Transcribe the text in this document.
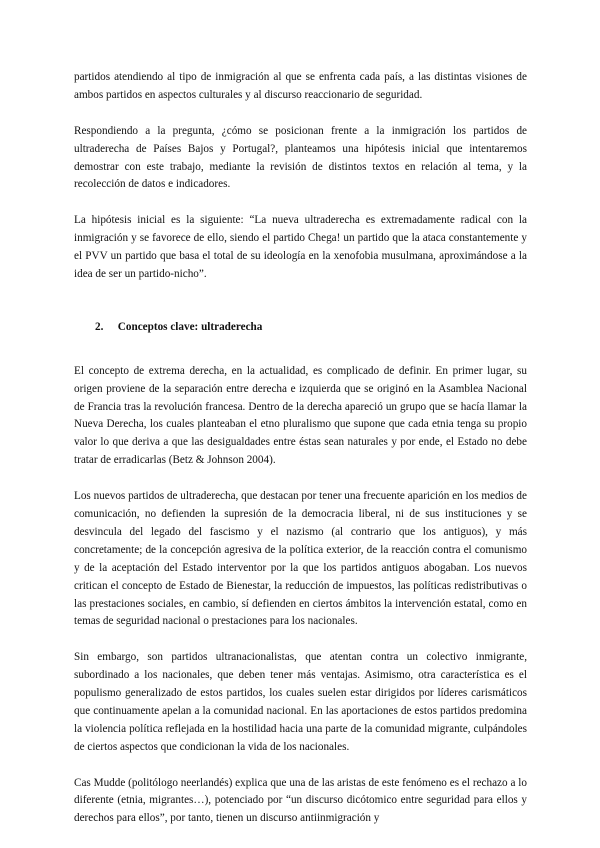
partidos atendiendo al tipo de inmigración al que se enfrenta cada país, a las distintas visiones de ambos partidos en aspectos culturales y al discurso reaccionario de seguridad.

Respondiendo a la pregunta, ¿cómo se posicionan frente a la inmigración los partidos de ultraderecha de Países Bajos y Portugal?, planteamos una hipótesis inicial que intentaremos demostrar con este trabajo, mediante la revisión de distintos textos en relación al tema, y la recolección de datos e indicadores.

La hipótesis inicial es la siguiente: “La nueva ultraderecha es extremadamente radical con la inmigración y se favorece de ello, siendo el partido Chega! un partido que la ataca constantemente y el PVV un partido que basa el total de su ideología en la xenofobia musulmana, aproximándose a la idea de ser un partido-nicho”.

2. Conceptos clave: ultraderecha

El concepto de extrema derecha, en la actualidad, es complicado de definir. En primer lugar, su origen proviene de la separación entre derecha e izquierda que se originó en la Asamblea Nacional de Francia tras la revolución francesa. Dentro de la derecha apareció un grupo que se hacía llamar la Nueva Derecha, los cuales planteaban el etno pluralismo que supone que cada etnia tenga su propio valor lo que deriva a que las desigualdades entre éstas sean naturales y por ende, el Estado no debe tratar de erradicarlas (Betz & Johnson 2004).

Los nuevos partidos de ultraderecha, que destacan por tener una frecuente aparición en los medios de comunicación, no defienden la supresión de la democracia liberal, ni de sus instituciones y se desvincula del legado del fascismo y el nazismo (al contrario que los antiguos), y más concretamente; de la concepción agresiva de la política exterior, de la reacción contra el comunismo y de la aceptación del Estado interventor por la que los partidos antiguos abogaban. Los nuevos critican el concepto de Estado de Bienestar, la reducción de impuestos, las políticas redistributivas o las prestaciones sociales, en cambio, sí defienden en ciertos ámbitos la intervención estatal, como en temas de seguridad nacional o prestaciones para los nacionales.

Sin embargo, son partidos ultranacionalistas, que atentan contra un colectivo inmigrante, subordinado a los nacionales, que deben tener más ventajas. Asimismo, otra característica es el populismo generalizado de estos partidos, los cuales suelen estar dirigidos por líderes carismáticos que continuamente apelan a la comunidad nacional. En las aportaciones de estos partidos predomina la violencia política reflejada en la hostilidad hacia una parte de la comunidad migrante, culpándoles de ciertos aspectos que condicionan la vida de los nacionales.

Cas Mudde (politólogo neerlandés) explica que una de las aristas de este fenómeno es el rechazo a lo diferente (etnia, migrantes…), potenciado por “un discurso dicótomico entre seguridad para ellos y derechos para ellos”, por tanto, tienen un discurso antiinmigración y
